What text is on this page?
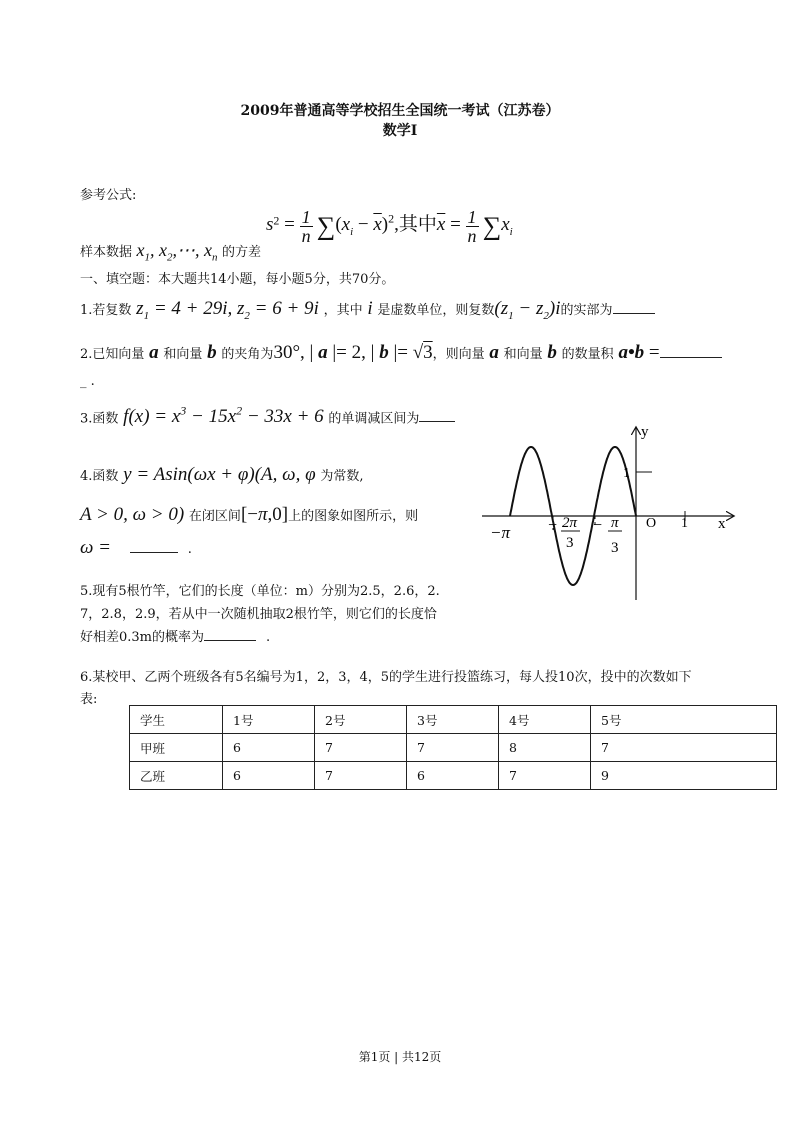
2009年普通高等学校招生全国统一考试（江苏卷）
数学I
参考公式:
样本数据 $x_1$, $x_2,\cdots$, $x_n$ 的方差
$s^2 = \frac{1}{n} \sum(x_i - \overline{x})^2$,其中$\overline{x} = \frac{1}{n} \sum x_i$
一、填空题：本大题共14小题，每小题5分，共70分。
1.若复数 $z_1 = 4 + 29i$, $z_2 = 6 + 9i$ ，其中 i 是虚数单位，则复数$(z_1 - z_2)i$的实部为
2.已知向量 a 和向量 b 的夹角为30°, | a |= 2, | b |= √3，则向量 a 和向量 b 的数量积 a•b =
_ .
3.函数 $f(x) = x^3 - 15x^2 - 33x + 6$ 的单调减区间为
4.函数 y = Asin(ωx + φ)(A, ω, φ 为常数,
A > 0, ω > 0) 在闭区间[−π,0]上的图象如图所示，则
ω =	.
y
x
O 1
1
−π − 2π
3
− π
3
5.现有5根竹竿，它们的长度（单位：m）分别为2.5，2.6，2.
7，2.8，2.9，若从中一次随机抽取2根竹竿，则它们的长度恰
好相差0.3m的概率为	.
6.某校甲、乙两个班级各有5名编号为1，2，3，4，5的学生进行投篮练习，每人投10次，投中的次数如下
表:
学生	1号	2号	3号	4号	5号
甲班	6	7	7	8	7
乙班	6	7	6	7	9
第1页 | 共12页
